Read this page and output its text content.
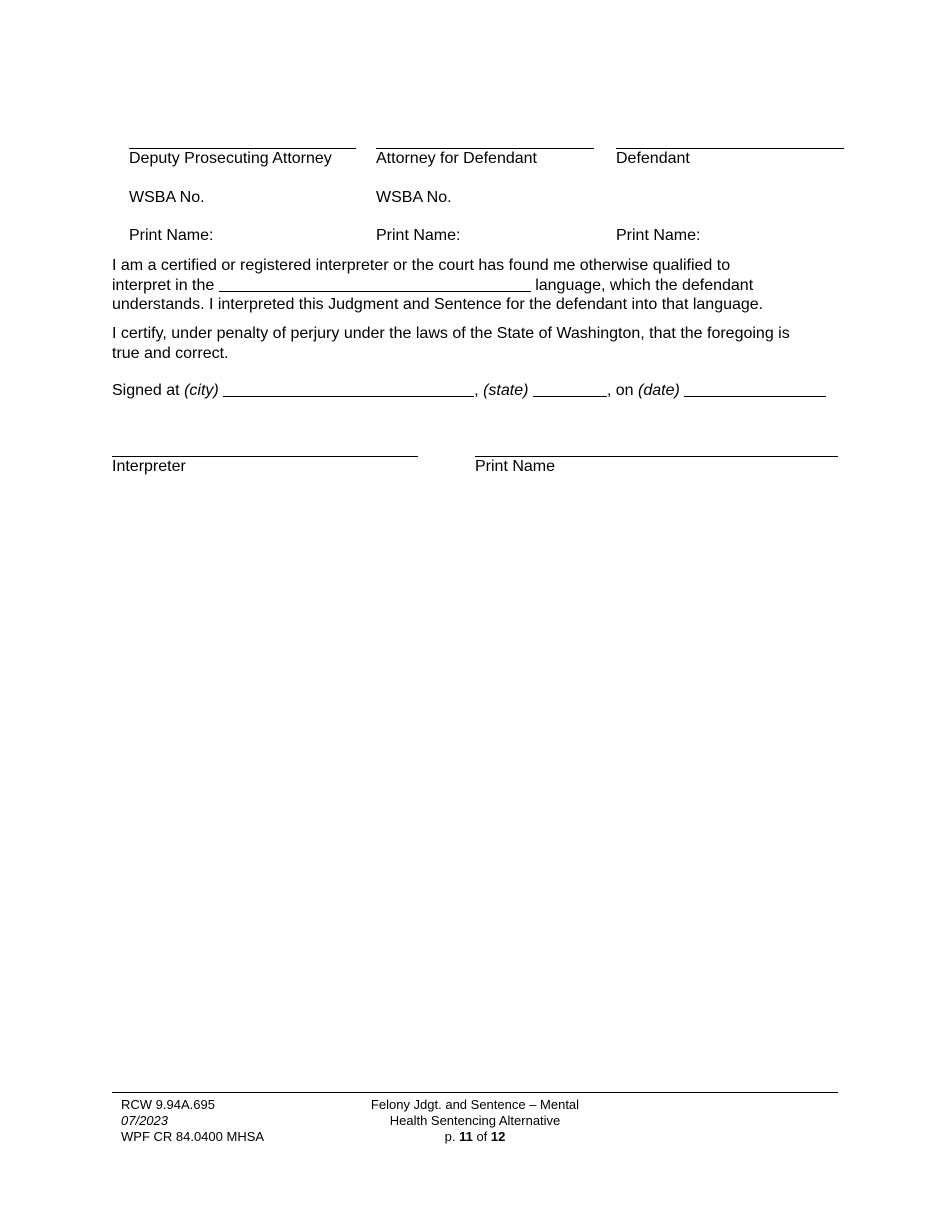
Deputy Prosecuting Attorney	Attorney for Defendant	Defendant
WSBA No.	WSBA No.
Print Name:	Print Name:	Print Name:
I am a certified or registered interpreter or the court has found me otherwise qualified to
interpret in the	language, which the defendant
understands. I interpreted this Judgment and Sentence for the defendant into that language.
I certify, under penalty of perjury under the laws of the State of Washington, that the foregoing is
true and correct.
Signed at (city)	, (state)	, on (date)
Interpreter	Print Name
RCW 9.94A.695
07/2023
WPF CR 84.0400 MHSA
Felony Jdgt. and Sentence – Mental
Health Sentencing Alternative
p. 11 of 12
